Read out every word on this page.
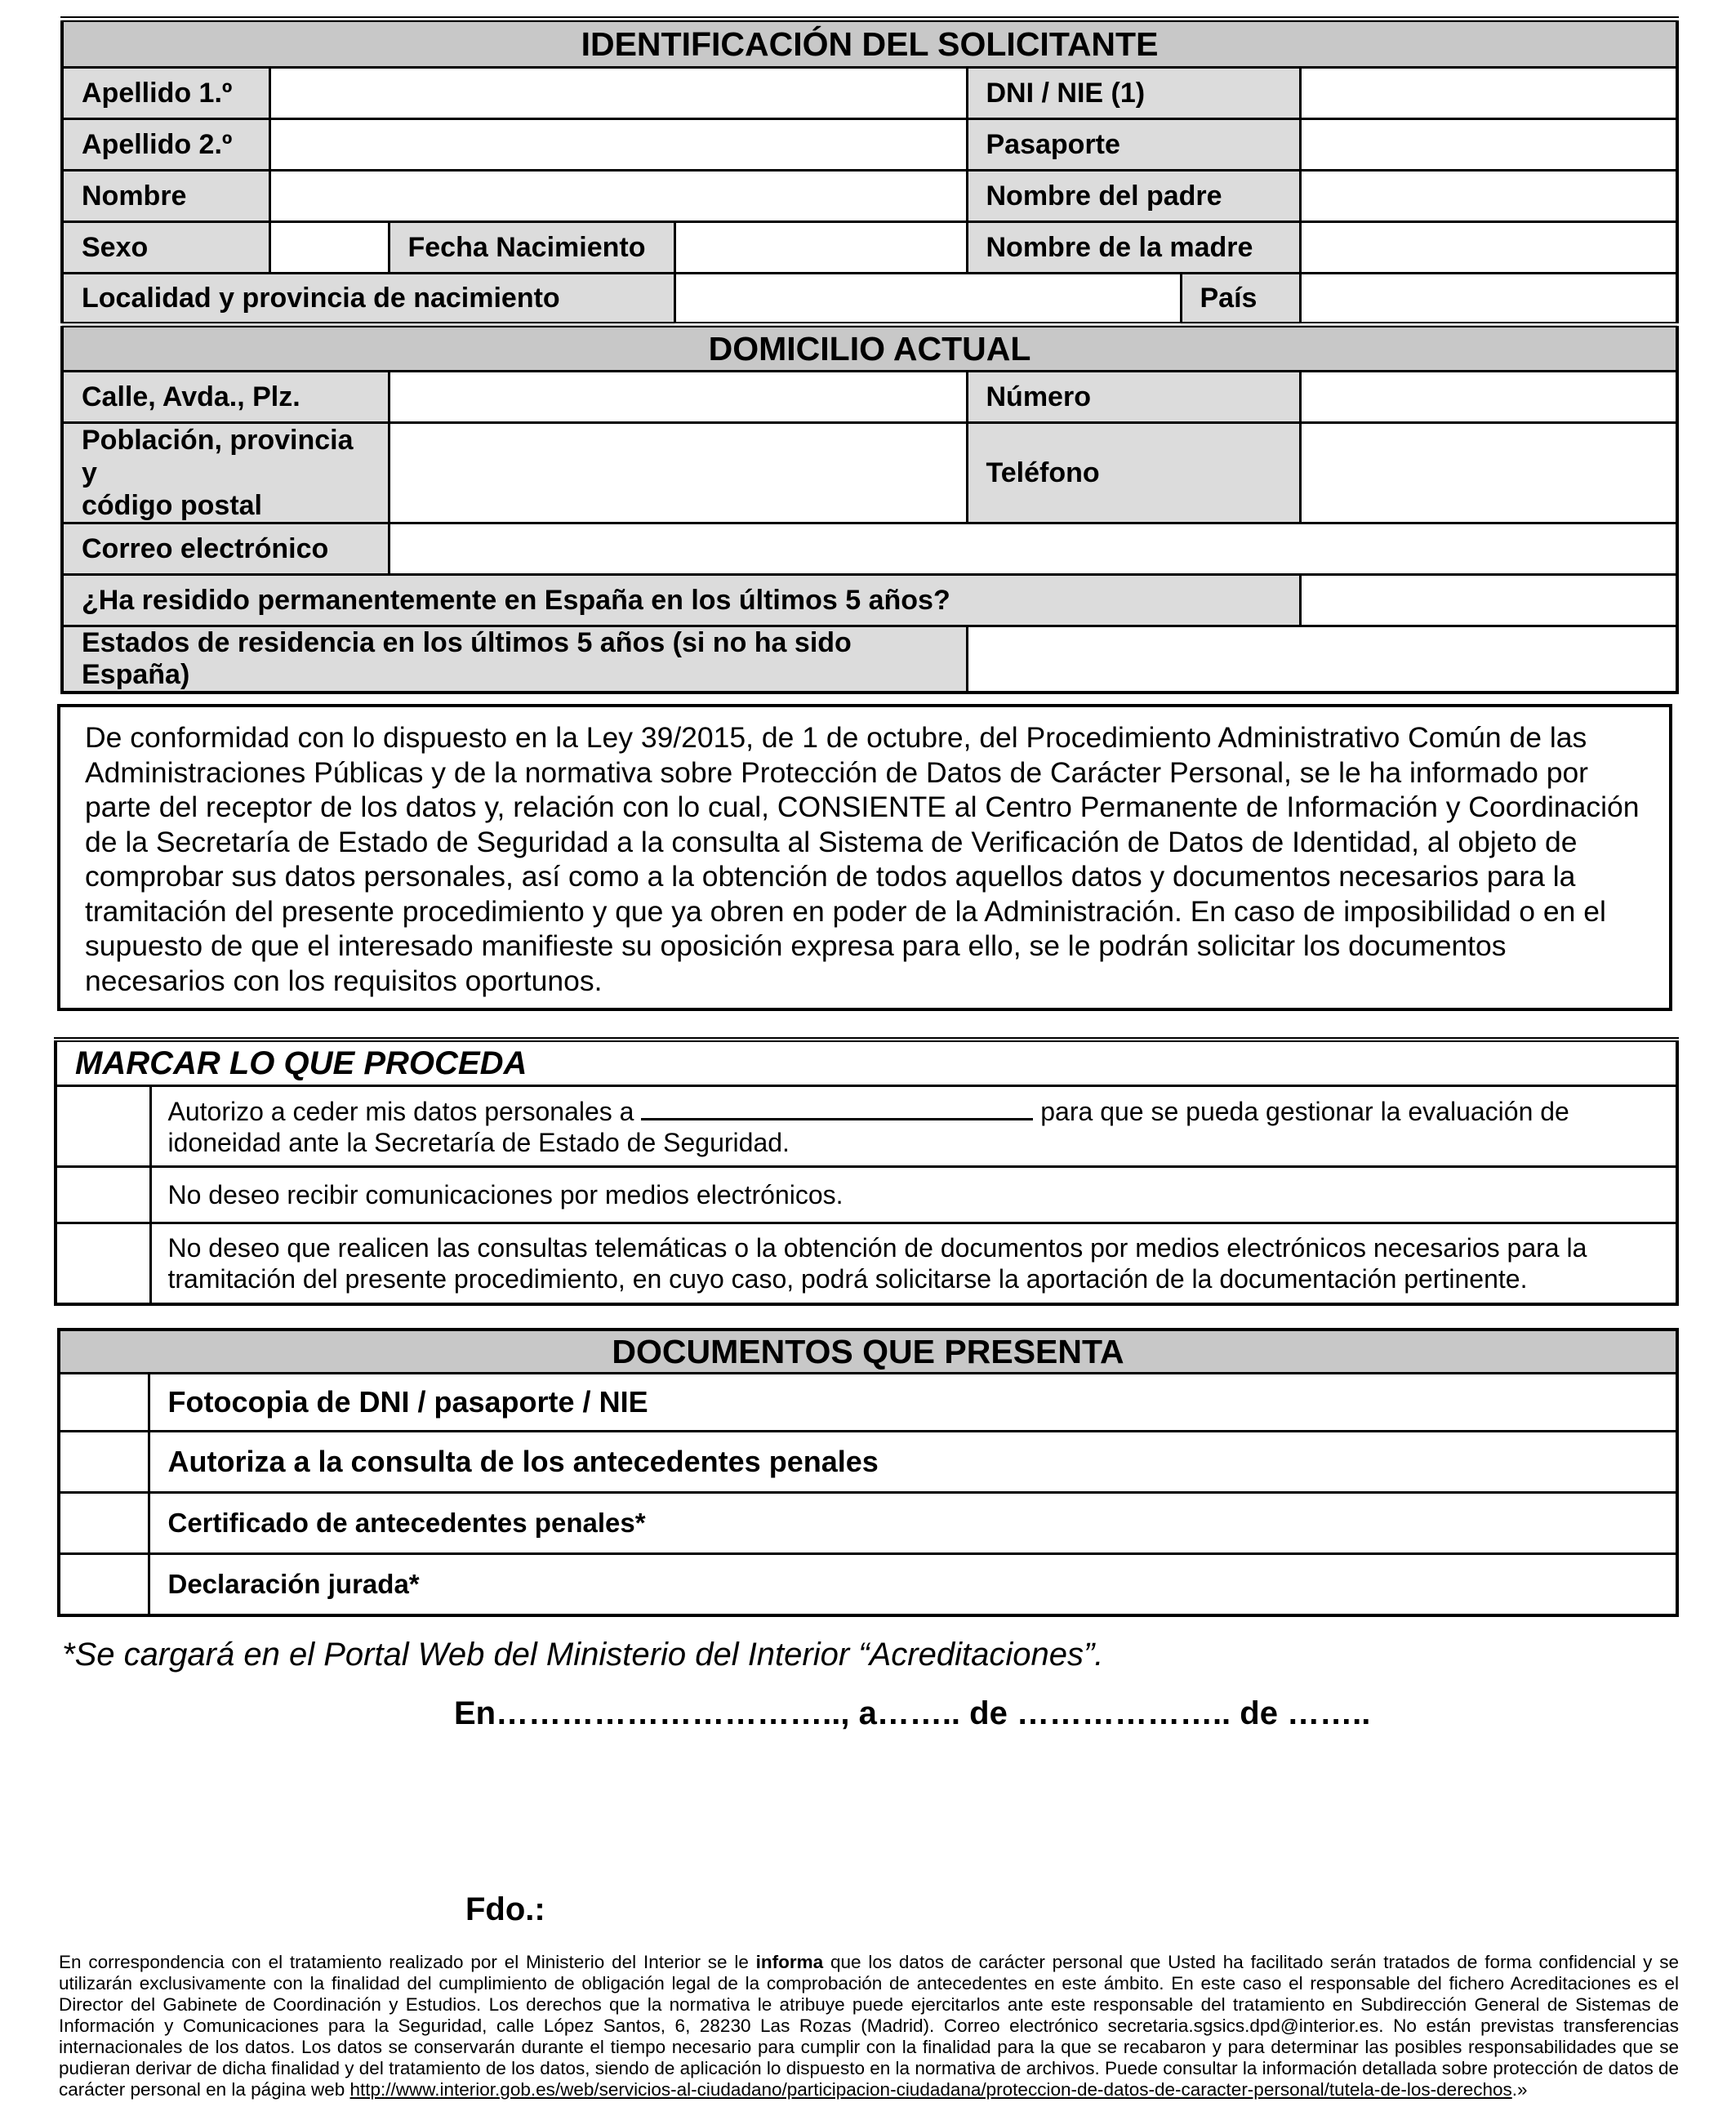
IDENTIFICACIÓN DEL SOLICITANTE						
Apellido 1.º				DNI / NIE (1)		
Apellido 2.º				Pasaporte		
Nombre				Nombre del padre		
Sexo		Fecha Nacimiento		Nombre de la madre		
Localidad y provincia de nacimiento					País	
DOMICILIO ACTUAL						
Calle, Avda., Plz.				Número		
Población, provincia y
código postal				Teléfono		
Correo electrónico						
¿Ha residido permanentemente en España en los últimos 5 años?						
Estados de residencia en los últimos 5 años (si no ha sido España)						
De conformidad con lo dispuesto en la Ley 39/2015, de 1 de octubre, del Procedimiento Administrativo Común de las Administraciones Públicas y de la normativa sobre Protección de Datos de Carácter Personal, se le ha informado por parte del receptor de los datos y, relación con lo cual, CONSIENTE al Centro Permanente de Información y Coordinación de la Secretaría de Estado de Seguridad a la consulta al Sistema de Verificación de Datos de Identidad, al objeto de comprobar sus datos personales, así como a la obtención de todos aquellos datos y documentos necesarios para la tramitación del presente procedimiento y que ya obren en poder de la Administración. En caso de imposibilidad o en el supuesto de que el interesado manifieste su oposición expresa para ello, se le podrán solicitar los documentos necesarios con los requisitos oportunos.
MARCAR LO QUE PROCEDA	
	Autorizo a ceder mis datos personales a para que se pueda gestionar la evaluación de idoneidad ante la Secretaría de Estado de Seguridad.
	No deseo recibir comunicaciones por medios electrónicos.
	No deseo que realicen las consultas telemáticas o la obtención de documentos por medios electrónicos necesarios para la tramitación del presente procedimiento, en cuyo caso, podrá solicitarse la aportación de la documentación pertinente.
DOCUMENTOS QUE PRESENTA	
	Fotocopia de DNI / pasaporte / NIE
	Autoriza a la consulta de los antecedentes penales
	Certificado de antecedentes penales*
	Declaración jurada*
*Se cargará en el Portal Web del Ministerio del Interior “Acreditaciones”.
En………………………….., a…….. de ……………….. de ……..
Fdo.:
En correspondencia con el tratamiento realizado por el Ministerio del Interior se le informa que los datos de carácter personal que Usted ha facilitado serán tratados de forma confidencial y se utilizarán exclusivamente con la finalidad del cumplimiento de obligación legal de la comprobación de antecedentes en este ámbito. En este caso el responsable del fichero Acreditaciones es el Director del Gabinete de Coordinación y Estudios. Los derechos que la normativa le atribuye puede ejercitarlos ante este responsable del tratamiento en Subdirección General de Sistemas de Información y Comunicaciones para la Seguridad, calle López Santos, 6, 28230 Las Rozas (Madrid). Correo electrónico secretaria.sgsics.dpd@interior.es. No están previstas transferencias internacionales de los datos. Los datos se conservarán durante el tiempo necesario para cumplir con la finalidad para la que se recabaron y para determinar las posibles responsabilidades que se pudieran derivar de dicha finalidad y del tratamiento de los datos, siendo de aplicación lo dispuesto en la normativa de archivos. Puede consultar la información detallada sobre protección de datos de carácter personal en la página web http://www.interior.gob.es/web/servicios-al-ciudadano/participacion-ciudadana/proteccion-de-datos-de-caracter-personal/tutela-de-los-derechos.»
